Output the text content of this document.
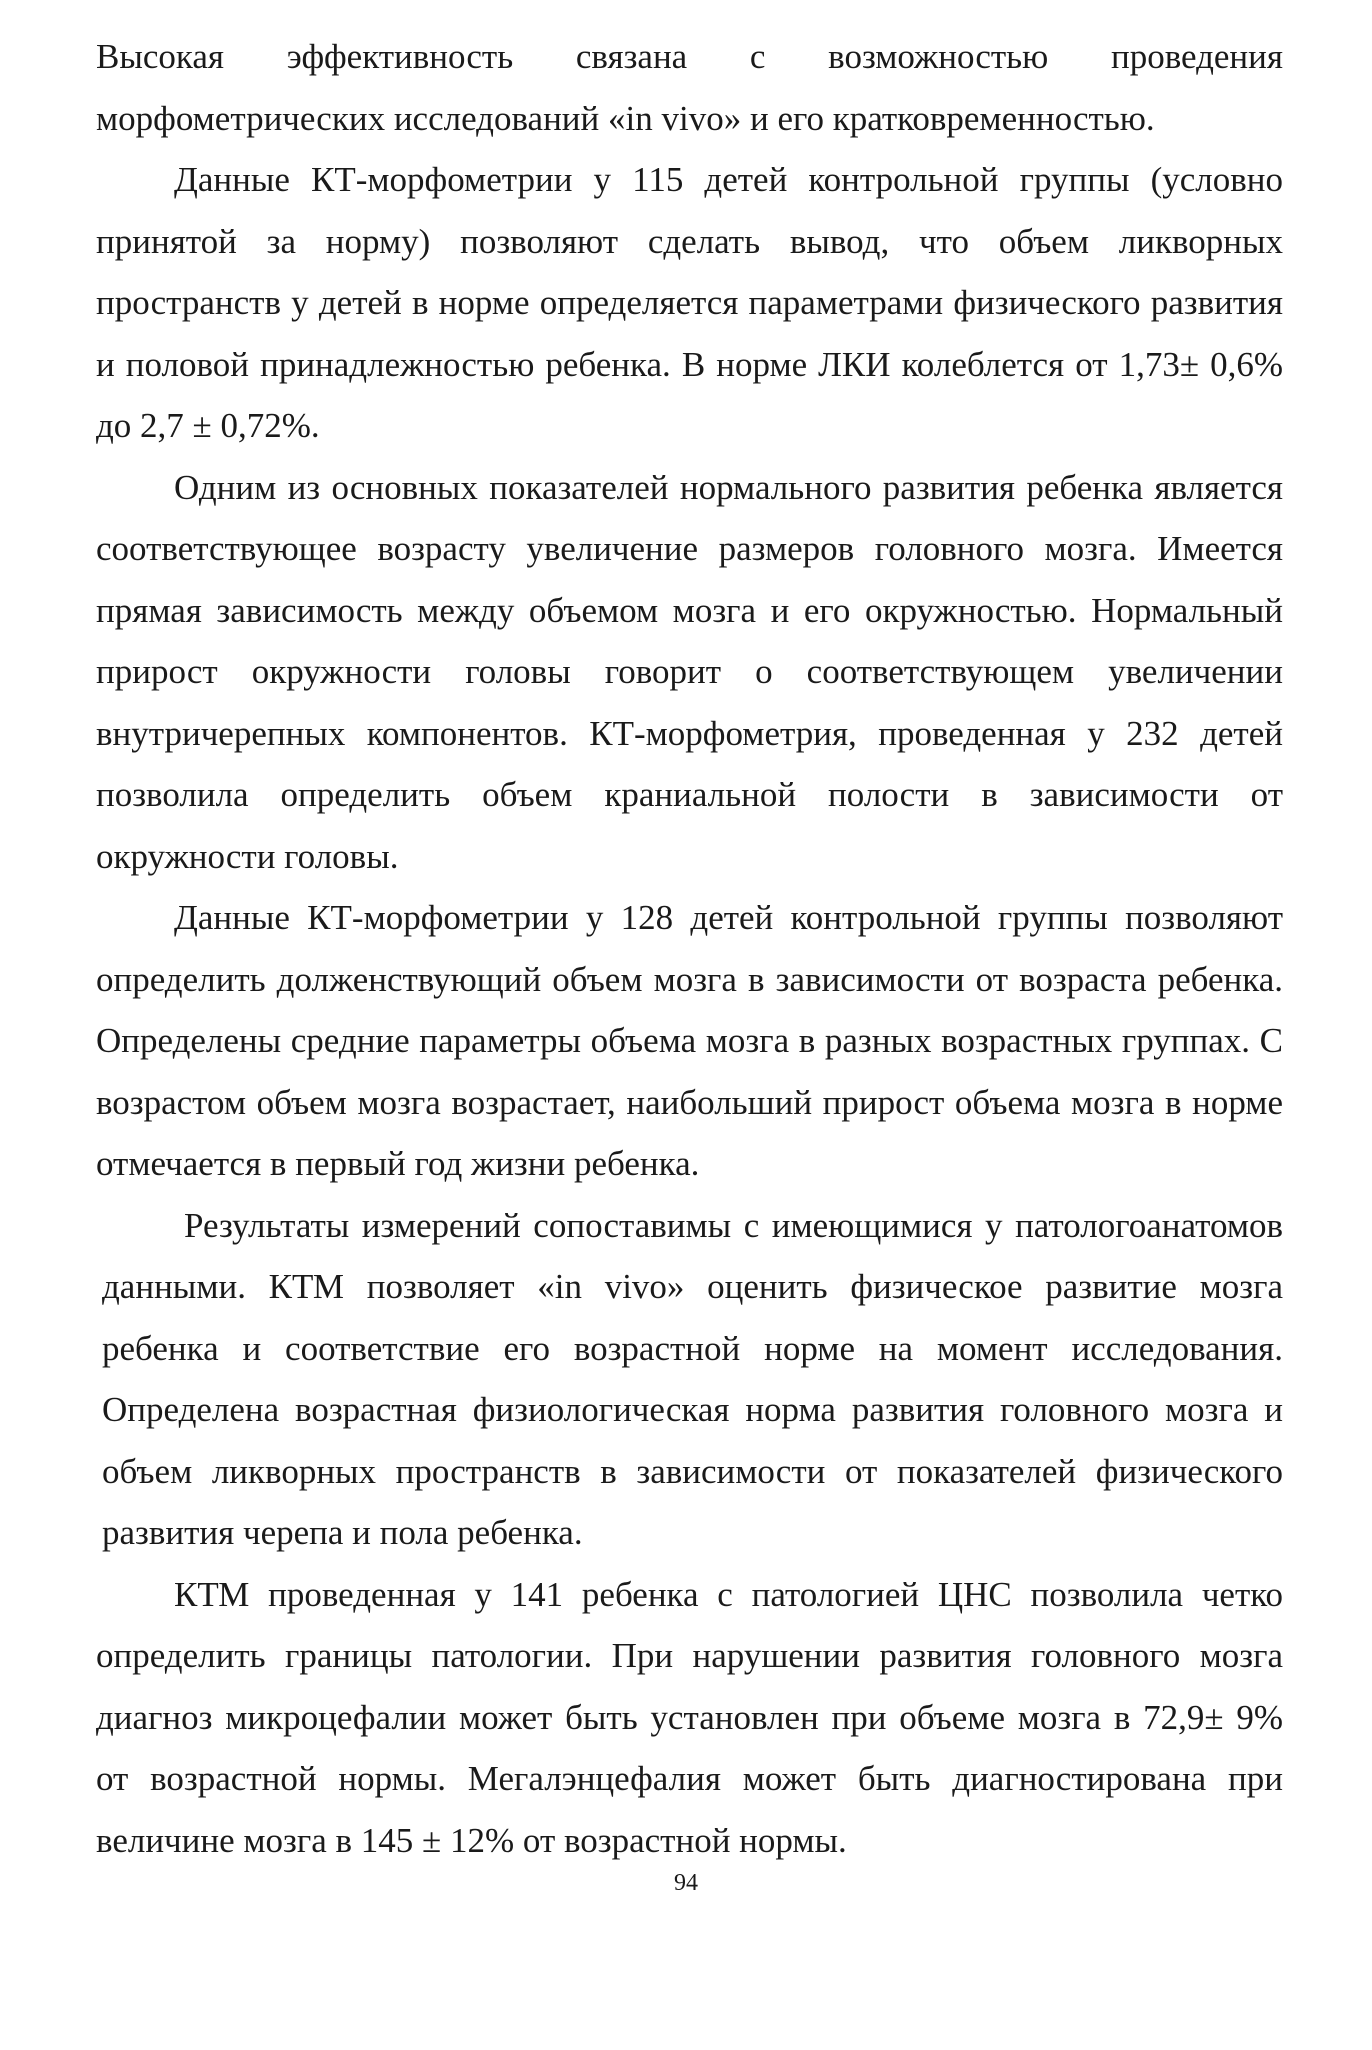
Высокая эффективность связана с возможностью проведения морфометрических исследований «in vivo» и его кратковременностью.

Данные КТ-морфометрии у 115 детей контрольной группы (условно принятой за норму) позволяют сделать вывод, что объем ликворных пространств у детей в норме определяется параметрами физического развития и половой принадлежностью ребенка. В норме ЛКИ колеблется от 1,73± 0,6% до 2,7 ± 0,72%.

Одним из основных показателей нормального развития ребенка является соответствующее возрасту увеличение размеров головного мозга. Имеется прямая зависимость между объемом мозга и его окружностью. Нормальный прирост окружности головы говорит о соответствующем увеличении внутричерепных компонентов. КТ-морфометрия, проведенная у 232 детей позволила определить объем краниальной полости в зависимости от окружности головы.

Данные КТ-морфометрии у 128 детей контрольной группы позволяют определить долженствующий объем мозга в зависимости от возраста ребенка. Определены средние параметры объема мозга в разных возрастных группах. С возрастом объем мозга возрастает, наибольший прирост объема мозга в норме отмечается в первый год жизни ребенка.

Результаты измерений сопоставимы с имеющимися у патологоанатомов данными. КТМ позволяет «in vivo» оценить физическое развитие мозга ребенка и соответствие его возрастной норме на момент исследования. Определена возрастная физиологическая норма развития головного мозга и объем ликворных пространств в зависимости от показателей физического развития черепа и пола ребенка.

КТМ проведенная у 141 ребенка с патологией ЦНС позволила четко определить границы патологии. При нарушении развития головного мозга диагноз микроцефалии может быть установлен при объеме мозга в 72,9± 9% от возрастной нормы. Мегалэнцефалия может быть диагностирована при величине мозга в 145 ± 12% от возрастной нормы.

94
